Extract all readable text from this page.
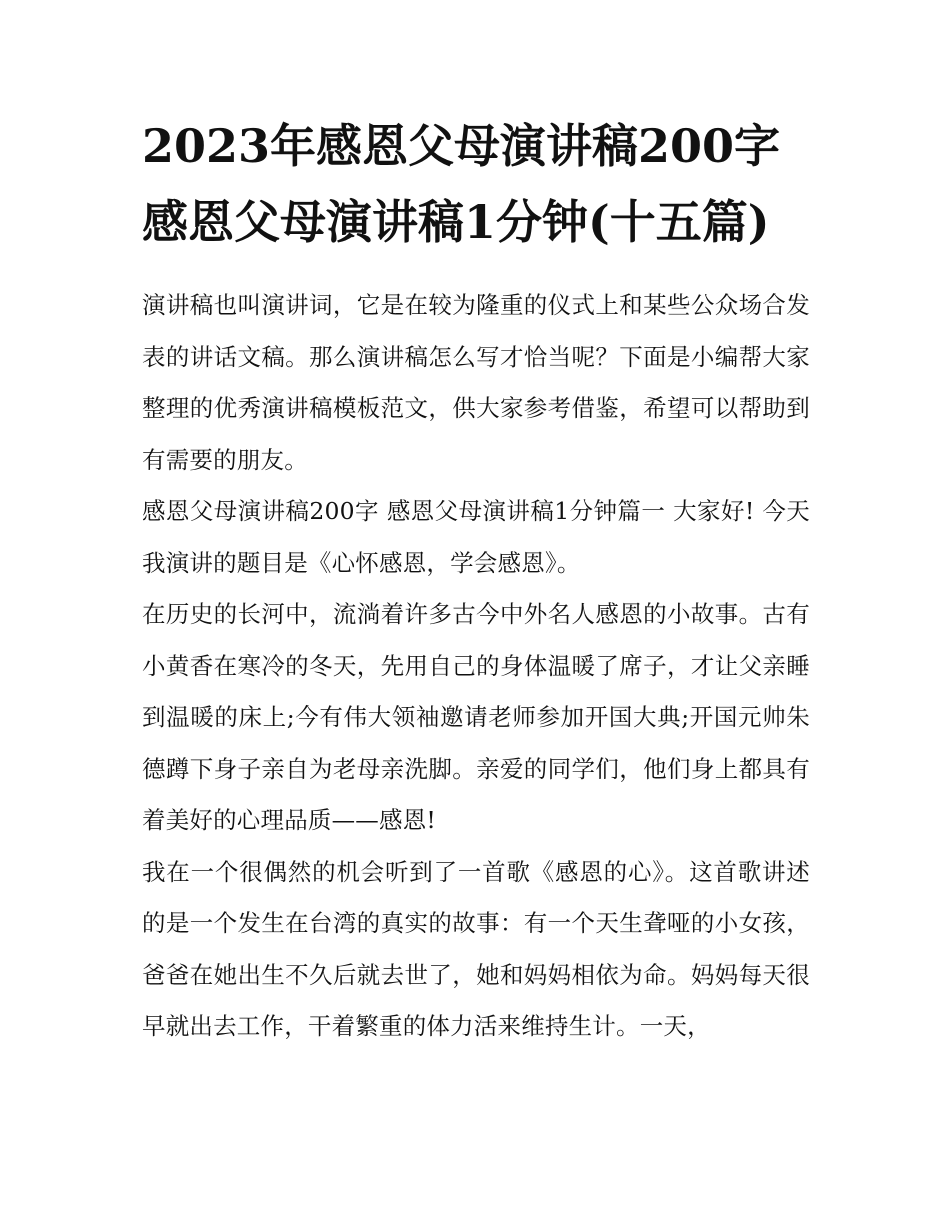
2023年感恩父母演讲稿200字 感恩父母演讲稿1分钟(十五篇)

演讲稿也叫演讲词，它是在较为隆重的仪式上和某些公众场合发表的讲话文稿。那么演讲稿怎么写才恰当呢？下面是小编帮大家整理的优秀演讲稿模板范文，供大家参考借鉴，希望可以帮助到有需要的朋友。

感恩父母演讲稿200字 感恩父母演讲稿1分钟篇一 大家好! 今天我演讲的题目是《心怀感恩，学会感恩》。

在历史的长河中，流淌着许多古今中外名人感恩的小故事。古有小黄香在寒冷的冬天，先用自己的身体温暖了席子，才让父亲睡到温暖的床上;今有伟大领袖邀请老师参加开国大典;开国元帅朱德蹲下身子亲自为老母亲洗脚。亲爱的同学们，他们身上都具有着美好的心理品质——感恩!

我在一个很偶然的机会听到了一首歌《感恩的心》。这首歌讲述的是一个发生在台湾的真实的故事：有一个天生聋哑的小女孩，爸爸在她出生不久后就去世了，她和妈妈相依为命。妈妈每天很早就出去工作，干着繁重的体力活来维持生计。一天，
